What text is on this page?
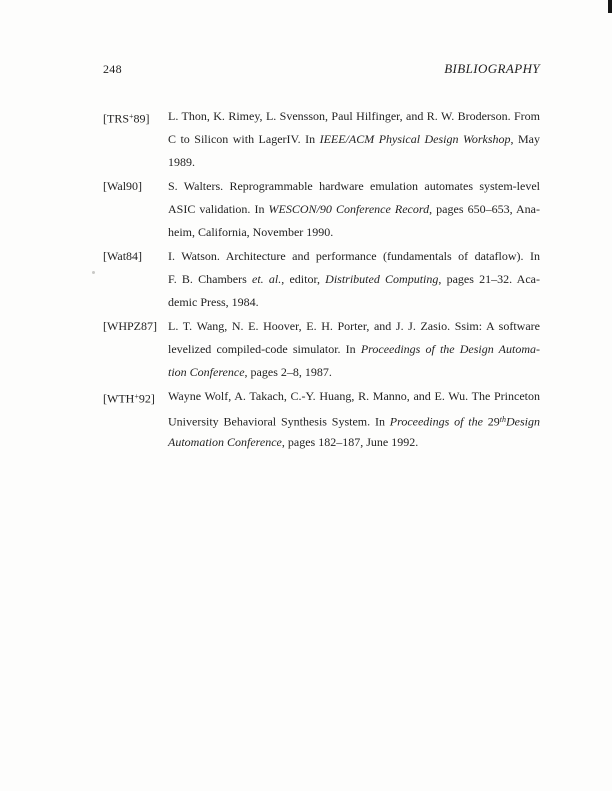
248	BIBLIOGRAPHY
[TRS+89]	L. Thon, K. Rimey, L. Svensson, Paul Hilfinger, and R. W. Broderson. From
C to Silicon with LagerIV. In IEEE/ACM Physical Design Workshop, May
1989.
[Wal90]	S. Walters. Reprogrammable hardware emulation automates system-level
ASIC validation. In WESCON/90 Conference Record, pages 650–653, Ana-
heim, California, November 1990.
[Wat84]	I. Watson. Architecture and performance (fundamentals of dataflow). In
F. B. Chambers et. al., editor, Distributed Computing, pages 21–32. Aca-
demic Press, 1984.
[WHPZ87] L. T. Wang, N. E. Hoover, E. H. Porter, and J. J. Zasio. Ssim: A software
levelized compiled-code simulator. In Proceedings of the Design Automa-
tion Conference, pages 2–8, 1987.
[WTH+92]	Wayne Wolf, A. Takach, C.-Y. Huang, R. Manno, and E. Wu. The Princeton
University Behavioral Synthesis System. In Proceedings of the 29thDesign
Automation Conference, pages 182–187, June 1992.
